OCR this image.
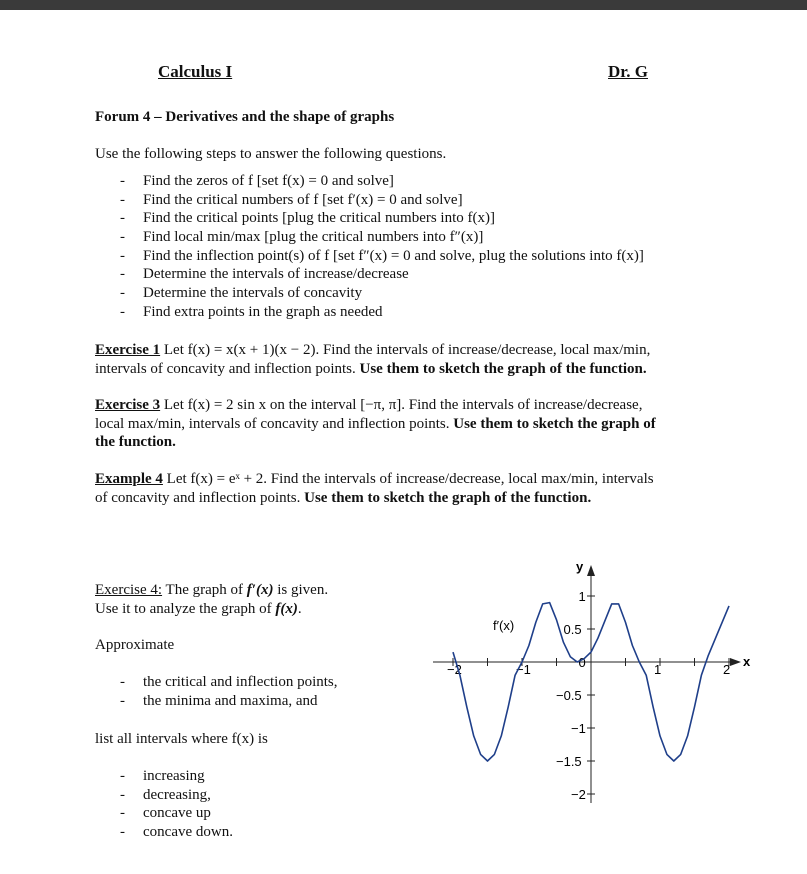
Calculus I	Dr. G
Forum 4 – Derivatives and the shape of graphs
Use the following steps to answer the following questions.
- Find the zeros of f [set f(x) = 0 and solve]
- Find the critical numbers of f [set f′(x) = 0 and solve]
- Find the critical points [plug the critical numbers into f(x)]
- Find local min/max [plug the critical numbers into f″(x)]
- Find the inflection point(s) of f [set f″(x) = 0 and solve, plug the solutions into f(x)]
- Determine the intervals of increase/decrease
- Determine the intervals of concavity
- Find extra points in the graph as needed
Exercise 1 Let f(x) = x(x + 1)(x − 2). Find the intervals of increase/decrease, local max/min,
intervals of concavity and inflection points. Use them to sketch the graph of the function.
Exercise 3 Let f(x) = 2 sin x on the interval [−π, π]. Find the intervals of increase/decrease,
local max/min, intervals of concavity and inflection points. Use them to sketch the graph of
the function.
Example 4 Let f(x) = eˣ + 2. Find the intervals of increase/decrease, local max/min, intervals
of concavity and inflection points. Use them to sketch the graph of the function.
Exercise 4: The graph of f′(x) is given.
Use it to analyze the graph of f(x).
Approximate
- the critical and inflection points,
- the minima and maxima, and
list all intervals where f(x) is
- increasing
- decreasing,
- concave up
- concave down.
x
y
−2	−1	1	2
1
0.5
0
−0.5
−1
−1.5
−2
f′(x)
